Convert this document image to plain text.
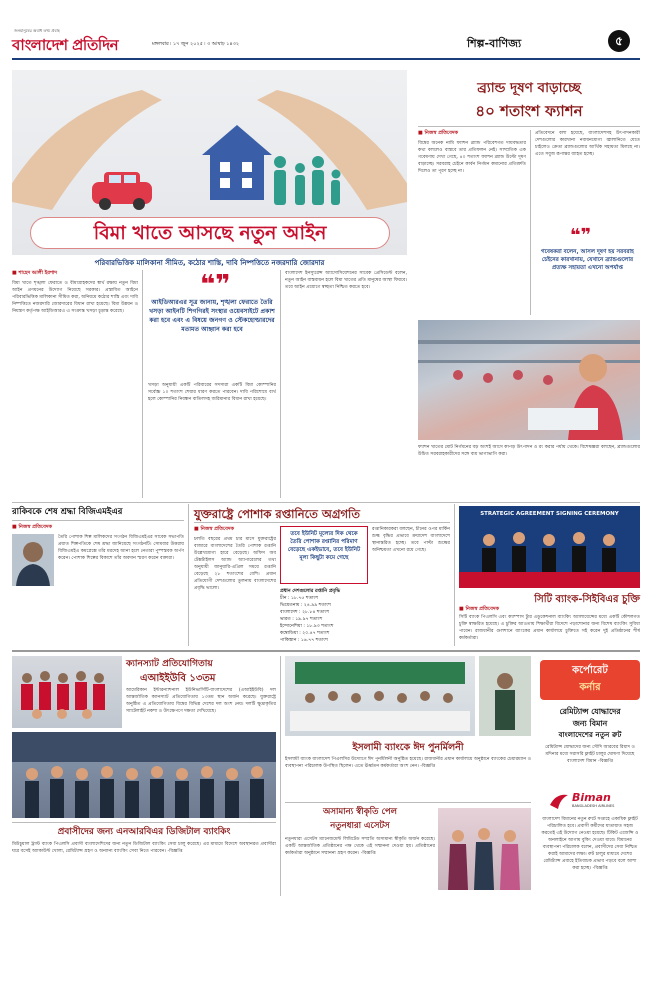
জনমানুষের অবাধ তথ্য প্রবাহ
বাংলাদেশ প্রতিদিন	মঙ্গলবার ৷ ১৭ জুন ২০২৫ ৷ ৩ আষাঢ় ১৪৩২	শিল্প-বাণিজ্য	৫
বিমা খাতে আসছে নতুন আইন
পরিবারভিত্তিক মালিকানা সীমিত, কঠোর শাস্তি, দাবি নিষ্পত্তিতে নজরদারি জোরদার
■ শাহেদ আলী ইরশাদ
বিমা খাতে শৃঙ্খলা ফেরাতে ও বীমাগ্রাহকদের স্বার্থ রক্ষায় নতুন বিমা আইন প্রণয়নের উদ্যোগ নিয়েছে সরকার। প্রস্তাবিত আইনে পরিবারভিত্তিক মালিকানা সীমিত করা, অনিয়মে কঠোর শাস্তি এবং দাবি নিষ্পত্তিতে নজরদারি জোরদারের বিধান রাখা হয়েছে। বিমা উন্নয়ন ও নিয়ন্ত্রণ কর্তৃপক্ষ আইডিআরএ এ সংক্রান্ত খসড়া চূড়ান্ত করেছে।
❝❞
আইডিআরএর সূত্র জানায়, শৃঙ্খলা ফেরাতে তৈরি খসড়া আইনটি শিগগিরই সংস্থার ওয়েবসাইটে প্রকাশ করা হবে এবং এ বিষয়ে জনগণ ও স্টেকহোল্ডারদের মতামত আহ্বান করা হবে
খসড়া অনুযায়ী একটি পরিবারের সদস্যরা একটি বিমা কোম্পানির সর্বোচ্চ ১০ শতাংশ শেয়ার ধারণ করতে পারবেন। দাবি পরিশোধে ব্যর্থ হলে কোম্পানির নিবন্ধন বাতিলসহ জরিমানার বিধান রাখা হয়েছে।
বাংলাদেশ ইনস্যুরেন্স অ্যাসোসিয়েশনের সাবেক প্রেসিডেন্ট বলেন, নতুন আইন বাস্তবায়ন হলে বিমা খাতের প্রতি মানুষের আস্থা ফিরবে। তবে আইন প্রয়োগে স্বচ্ছতা নিশ্চিত করতে হবে।
ব্র্যান্ড দূষণ বাড়াচ্ছে
৪০ শতাংশ ফ্যাশন
■ নিজস্ব প্রতিবেদক
বিশ্বের অনেক নামি ফ্যাশন ব্র্যান্ড পরিবেশগত দায়বদ্ধতার কথা বললেও বাস্তবে তার প্রতিফলন নেই। সাম্প্রতিক এক গবেষণায় দেখা গেছে, ৪০ শতাংশ ফ্যাশন ব্র্যান্ড উল্টো দূষণ বাড়াচ্ছে। সরবরাহ চেইনে কার্বন নির্গমন কমানোর প্রতিশ্রুতি দিলেও তা পূরণ হচ্ছে না।
প্রতিবেদনে বলা হয়েছে, বাংলাদেশসহ উৎপাদনকারী দেশগুলোর কারখানা নবায়নযোগ্য জ্বালানিতে যেতে চাইলেও ক্রেতা ব্র্যান্ডগুলোর আর্থিক সহায়তা মিলছে না। এতে সবুজ রূপান্তর ব্যাহত হচ্ছে।
❝❞
গবেষকরা বলেন, আসল দূষণ হয় সরবরাহ চেইনের কারখানায়, যেখানে ব্র্যান্ডগুলোর প্রত্যক্ষ সহায়তা এখনো অপর্যাপ্ত
ফ্যাশন খাতের মোট নির্গমনের বড় অংশই আসে কাপড় উৎপাদন ও রং করার পর্যায় থেকে। বিশেষজ্ঞরা বলছেন, ব্র্যান্ডগুলোর উচিত সরবরাহকারীদের সঙ্গে ব্যয় ভাগাভাগি করা।
রাকিবকে শেষ শ্রদ্ধা বিজিএমইএর
■ নিজস্ব প্রতিবেদক
তৈরি পোশাক শিল্প মালিকদের সংগঠন বিজিএমইএর সাবেক সভাপতি প্রয়াত শিল্পপতিকে শেষ শ্রদ্ধা জানিয়েছে সংগঠনটি। সোমবার উত্তরায় বিজিএমইএ কমপ্লেক্সে তাঁর মরদেহ আনা হলে নেতারা পুষ্পস্তবক অর্পণ করেন। পোশাক শিল্পের বিকাশে তাঁর অবদান স্মরণ করেন বক্তারা।
যুক্তরাষ্ট্রে পোশাক রপ্তানিতে অগ্রগতি
■ নিজস্ব প্রতিবেদক
চলতি বছরের প্রথম চার মাসে যুক্তরাষ্ট্রের বাজারে বাংলাদেশের তৈরি পোশাক রপ্তানি উল্লেখযোগ্য হারে বেড়েছে। অফিস অব টেক্সটাইলস অ্যান্ড অ্যাপারেলের তথ্য অনুযায়ী জানুয়ারি-এপ্রিল সময়ে রপ্তানি বেড়েছে ২৮ শতাংশের বেশি। প্রধান প্রতিযোগী দেশগুলোর তুলনায় বাংলাদেশের প্রবৃদ্ধি ভালো।
তবে ইউনিট মূল্যের দিক থেকে তৈরি পোশাক রপ্তানির পরিমাণ বেড়েছে একইভাবে, তবে ইউনিট মূল্য কিছুটা কমে গেছে
প্রধান দেশগুলোর রপ্তানি প্রবৃদ্ধি
চীন : ১৮.৭৫ শতাংশ
ভিয়েতনাম : ২৪.৯৯ শতাংশ
বাংলাদেশ : ২৮.৮৪ শতাংশ
ভারত : ১৯.৯৭ শতাংশ
ইন্দোনেশিয়া : ১৮.৯৩ শতাংশ
কম্বোডিয়া : ২০.৪৭ শতাংশ
পাকিস্তান : ১৬.৭৭ শতাংশ
রপ্তানিকারকরা বলছেন, চীনের ওপর মার্কিন শুল্ক বৃদ্ধির প্রভাবে ক্রয়াদেশ বাংলাদেশে স্থানান্তরিত হচ্ছে। তবে পাল্টা শুল্কের অনিশ্চয়তা এখনো রয়ে গেছে।
STRATEGIC AGREEMENT SIGNING CEREMONY
সিটি ব্যাংক-সিইবিএর চুক্তি
■ নিজস্ব প্রতিবেদক
সিটি ব্যাংক পিএলসি এবং ক্যাম্পাস ট্যুর এডুকেশনাল ব্যাংকিং অ্যালায়েন্সের মধ্যে একটি কৌশলগত চুক্তি স্বাক্ষরিত হয়েছে। এ চুক্তির আওতায় শিক্ষার্থীরা বিদেশে পড়াশোনার জন্য বিশেষ ব্যাংকিং সুবিধা পাবেন। রাজধানীর গুলশানে ব্যাংকের প্রধান কার্যালয়ে চুক্তিতে সই করেন দুই প্রতিষ্ঠানের শীর্ষ কর্মকর্তারা।
ক্যানস্যাট প্রতিযোগিতায়
এআইইউবি ১৩তম
আমেরিকান ইন্টারন্যাশনাল ইউনিভার্সিটি-বাংলাদেশের (এআইইউবি) দল আন্তর্জাতিক ক্যানস্যাট প্রতিযোগিতায় ১৩তম স্থান অর্জন করেছে। যুক্তরাষ্ট্রে অনুষ্ঠিত এ প্রতিযোগিতায় বিশ্বের বিভিন্ন দেশের দল অংশ নেয়। দলটি ক্ষুদ্রাকৃতির স্যাটেলাইট নকশা ও উৎক্ষেপণে দক্ষতা দেখিয়েছে।
প্রবাসীদের জন্য এনআরবিএর ডিজিটাল ব্যাংকিং
মিউচুয়াল ট্রাস্ট ব্যাংক পিএলসি প্রবাসী বাংলাদেশিদের জন্য নতুন ডিজিটাল ব্যাংকিং সেবা চালু করেছে। এর মাধ্যমে বিদেশে অবস্থানরত প্রবাসীরা ঘরে বসেই অ্যাকাউন্ট খোলা, রেমিট্যান্স গ্রহণ ও অন্যান্য ব্যাংকিং সেবা নিতে পারবেন। -বিজ্ঞপ্তি
ইসলামী ব্যাংকে ঈদ পুনর্মিলনী
ইসলামী ব্যাংক বাংলাদেশ পিএলসির উদ্যোগে ঈদ পুনর্মিলনী অনুষ্ঠিত হয়েছে। রাজধানীর প্রধান কার্যালয়ে অনুষ্ঠানে ব্যাংকের চেয়ারম্যান ও ব্যবস্থাপনা পরিচালক উপস্থিত ছিলেন। এতে ঊর্ধ্বতন কর্মকর্তারা অংশ নেন। -বিজ্ঞপ্তি
অসামান্য স্বীকৃতি পেল
নতুনধারা এসেটস
নতুনধারা এসেটস ম্যানেজমেন্ট লিমিটেড সম্প্রতি অসামান্য স্বীকৃতি অর্জন করেছে। একটি আন্তর্জাতিক প্রতিষ্ঠানের পক্ষ থেকে এই সম্মাননা দেওয়া হয়। প্রতিষ্ঠানের কর্মকর্তারা অনুষ্ঠানে সম্মাননা গ্রহণ করেন। -বিজ্ঞপ্তি
কর্পোরেট
কর্নার
রেমিট্যান্স যোদ্ধাদের
জন্য বিমান
বাংলাদেশের নতুন রুট
রেমিট্যান্স যোদ্ধাদের জন্য সৌদি আরবের রিয়াদ ও মদিনার মধ্যে সরাসরি ফ্লাইট চালুর ঘোষণা দিয়েছে বাংলাদেশ বিমান -বিজ্ঞপ্তি
Biman
BANGLADESH AIRLINES
বাংলাদেশ বিমানের নতুন রুটে সপ্তাহে একাধিক ফ্লাইট পরিচালিত হবে। প্রবাসী কর্মীদের যাতায়াত সহজ করতেই এই উদ্যোগ নেওয়া হয়েছে। টিকিট এজেন্সি ও অনলাইনে আগাম বুকিং দেওয়া যাবে। বিমানের ব্যবস্থাপনা পরিচালক বলেন, প্রবাসীদের সেবা নিশ্চিত করাই আমাদের লক্ষ্য। রুট চালুর মাধ্যমে দেশের রেমিট্যান্স প্রবাহে ইতিবাচক প্রভাব পড়বে বলে আশা করা হচ্ছে। -বিজ্ঞপ্তি
